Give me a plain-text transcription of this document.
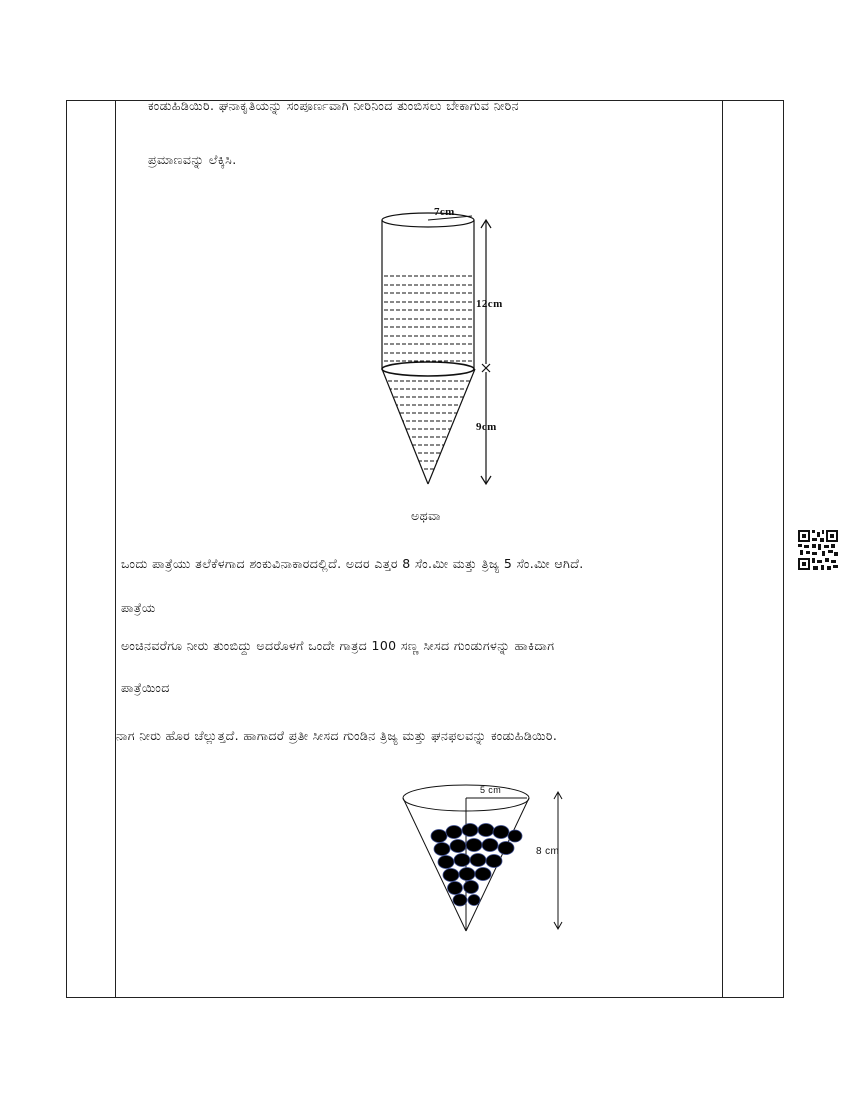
ಕಂಡುಹಿಡಿಯಿರಿ. ಘನಾಕೃತಿಯನ್ನು ಸಂಪೂರ್ಣವಾಗಿ ನೀರಿನಿಂದ ತುಂಬಿಸಲು ಬೇಕಾಗುವ ನೀರಿನ
ಪ್ರಮಾಣವನ್ನು ಲೆಕ್ಕಿಸಿ.
7cm
12cm
9cm
ಅಥವಾ
ಒಂದು ಪಾತ್ರೆಯು ತಲೆಕೆಳಗಾದ ಶಂಕುವಿನಾಕಾರದಲ್ಲಿದೆ. ಅದರ ಎತ್ತರ 8 ಸೆಂ.ಮೀ ಮತ್ತು ತ್ರಿಜ್ಯ 5 ಸೆಂ.ಮೀ ಆಗಿದೆ.
ಪಾತ್ರೆಯ
ಅಂಚಿನವರೆಗೂ ನೀರು ತುಂಬಿದ್ದು ಅದರೊಳಗೆ ಒಂದೇ ಗಾತ್ರದ 100 ಸಣ್ಣ ಸೀಸದ ಗುಂಡುಗಳನ್ನು ಹಾಕಿದಾಗ
ಪಾತ್ರೆಯಿಂದ
ನಾಗ ನೀರು ಹೊರ ಚೆಲ್ಲುತ್ತದೆ. ಹಾಗಾದರೆ ಪ್ರತೀ ಸೀಸದ ಗುಂಡಿನ ತ್ರಿಜ್ಯ ಮತ್ತು ಘನಫಲವನ್ನು ಕಂಡುಹಿಡಿಯಿರಿ.
5 cm
8 cm
